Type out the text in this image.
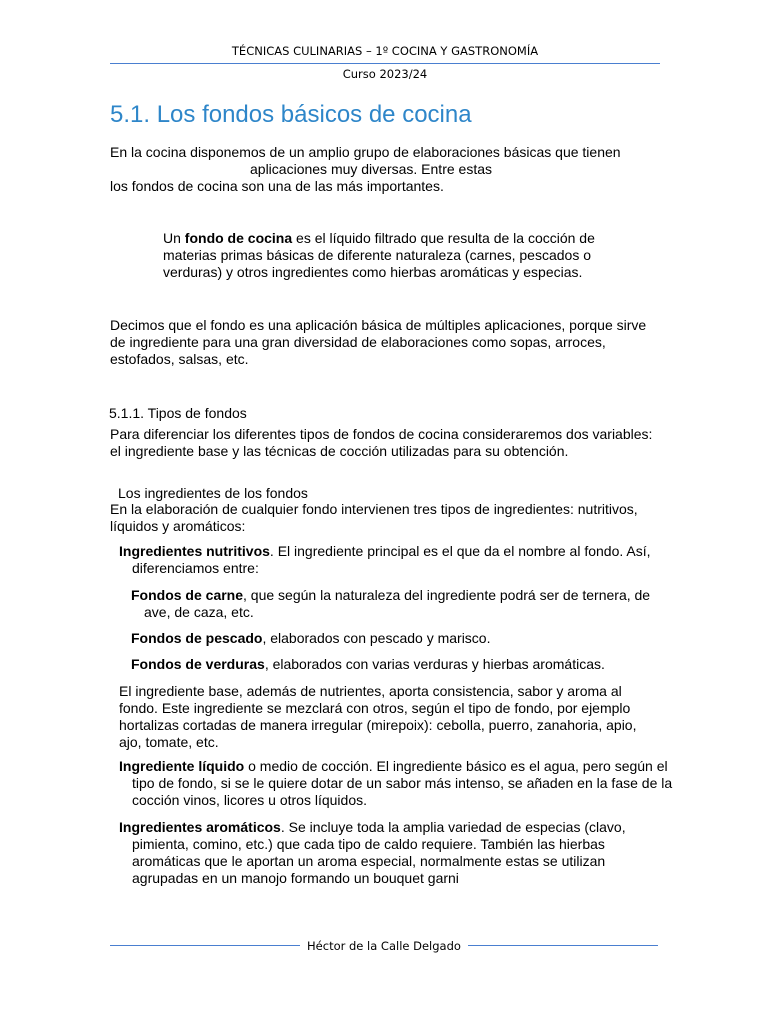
TÉCNICAS CULINARIAS – 1º COCINA Y GASTRONOMÍA
Curso 2023/24
5.1. Los fondos básicos de cocina
En la cocina disponemos de un amplio grupo de elaboraciones básicas que tienen
aplicaciones muy diversas. Entre estas
los fondos de cocina son una de las más importantes.

Un fondo de cocina es el líquido filtrado que resulta de la cocción de materias primas básicas de diferente naturaleza (carnes, pescados o verduras) y otros ingredientes como hierbas aromáticas y especias.

Decimos que el fondo es una aplicación básica de múltiples aplicaciones, porque sirve de ingrediente para una gran diversidad de elaboraciones como sopas, arroces, estofados, salsas, etc.

5.1.1. Tipos de fondos

Para diferenciar los diferentes tipos de fondos de cocina consideraremos dos variables: el ingrediente base y las técnicas de cocción utilizadas para su obtención.

Los ingredientes de los fondos

En la elaboración de cualquier fondo intervienen tres tipos de ingredientes: nutritivos, líquidos y aromáticos:

Ingredientes nutritivos. El ingrediente principal es el que da el nombre al fondo. Así, diferenciamos entre:

Fondos de carne, que según la naturaleza del ingrediente podrá ser de ternera, de ave, de caza, etc.

Fondos de pescado, elaborados con pescado y marisco.

Fondos de verduras, elaborados con varias verduras y hierbas aromáticas.

El ingrediente base, además de nutrientes, aporta consistencia, sabor y aroma al fondo. Este ingrediente se mezclará con otros, según el tipo de fondo, por ejemplo hortalizas cortadas de manera irregular (mirepoix): cebolla, puerro, zanahoria, apio, ajo, tomate, etc.

Ingrediente líquido o medio de cocción. El ingrediente básico es el agua, pero según el tipo de fondo, si se le quiere dotar de un sabor más intenso, se añaden en la fase de la cocción vinos, licores u otros líquidos.

Ingredientes aromáticos. Se incluye toda la amplia variedad de especias (clavo, pimienta, comino, etc.) que cada tipo de caldo requiere. También las hierbas aromáticas que le aportan un aroma especial, normalmente estas se utilizan agrupadas en un manojo formando un bouquet garni

Héctor de la Calle Delgado
